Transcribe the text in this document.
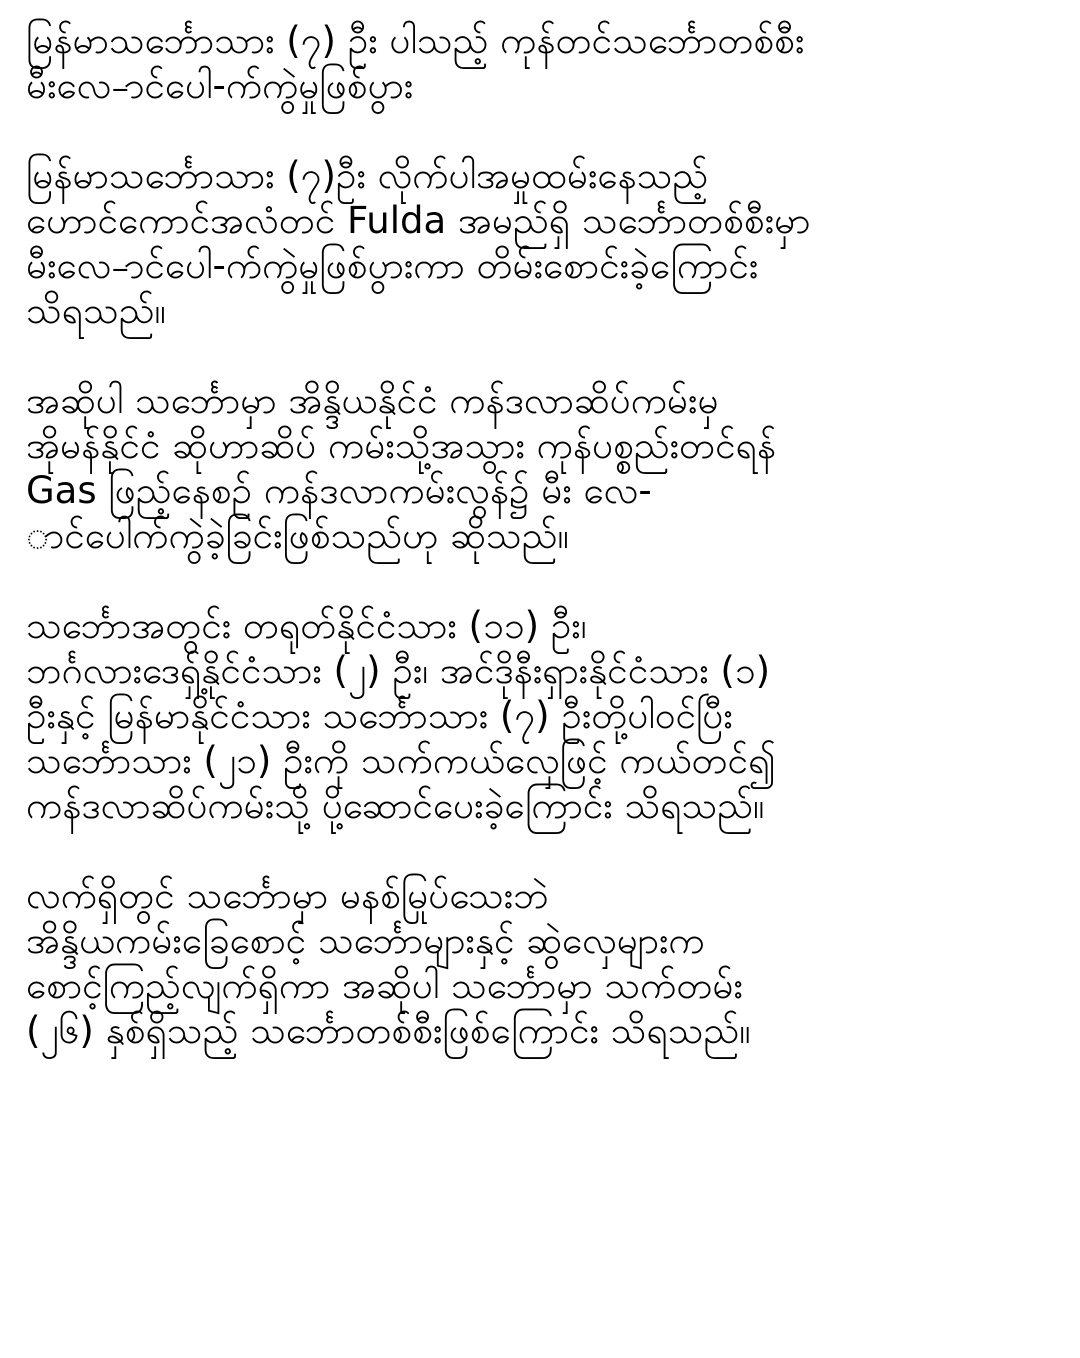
မြန်မာသင်္ဘောသား (၇) ဦး ပါသည့် ကုန်တင်သင်္ဘောတစ်စီး
မီးလေ-ာင်ပေါ-က်ကွဲမှုဖြစ်ပွား

မြန်မာသင်္ဘောသား (၇)ဦး လိုက်ပါအမှုထမ်းနေသည့်
ဟောင်ကောင်အလံတင် Fulda အမည်ရှိ သင်္ဘောတစ်စီးမှာ
မီးလေ-ာင်ပေါ-က်ကွဲမှုဖြစ်ပွားကာ တိမ်းစောင်းခဲ့ကြောင်း
သိရသည်။

အဆိုပါ သင်္ဘောမှာ အိန္ဒိယနိုင်ငံ ကန်ဒလာဆိပ်ကမ်းမှ
အိုမန်နိုင်ငံ ဆိုဟာဆိပ် ကမ်းသို့အသွား ကုန်ပစ္စည်းတင်ရန်
Gas ဖြည့်နေစဉ် ကန်ဒလာကမ်းလွန်၌ မီး လေ-
ာင်ပေါက်ကွဲခဲ့ခြင်းဖြစ်သည်ဟု ဆိုသည်။

သင်္ဘောအတွင်း တရုတ်နိုင်ငံသား (၁၁) ဦး၊
ဘင်္ဂလားဒေရှ့်နိုင်ငံသား (၂) ဦး၊ အင်ဒိုနီးရှားနိုင်ငံသား (၁)
ဦးနှင့် မြန်မာနိုင်ငံသား သင်္ဘောသား (၇) ဦးတို့ပါဝင်ပြီး
သင်္ဘောသား (၂၁) ဦးကို သက်ကယ်လှေဖြင့် ကယ်တင်၍
ကန်ဒလာဆိပ်ကမ်းသို့ ပို့ဆောင်ပေးခဲ့ကြောင်း သိရသည်။

လက်ရှိတွင် သင်္ဘောမှာ မနစ်မြုပ်သေးဘဲ
အိန္ဒိယကမ်းခြေစောင့် သင်္ဘောများနှင့် ဆွဲလှေများက
စောင့်ကြည့်လျက်ရှိကာ အဆိုပါ သင်္ဘောမှာ သက်တမ်း
(၂၆) နှစ်ရှိသည့် သင်္ဘောတစ်စီးဖြစ်ကြောင်း သိရသည်။
